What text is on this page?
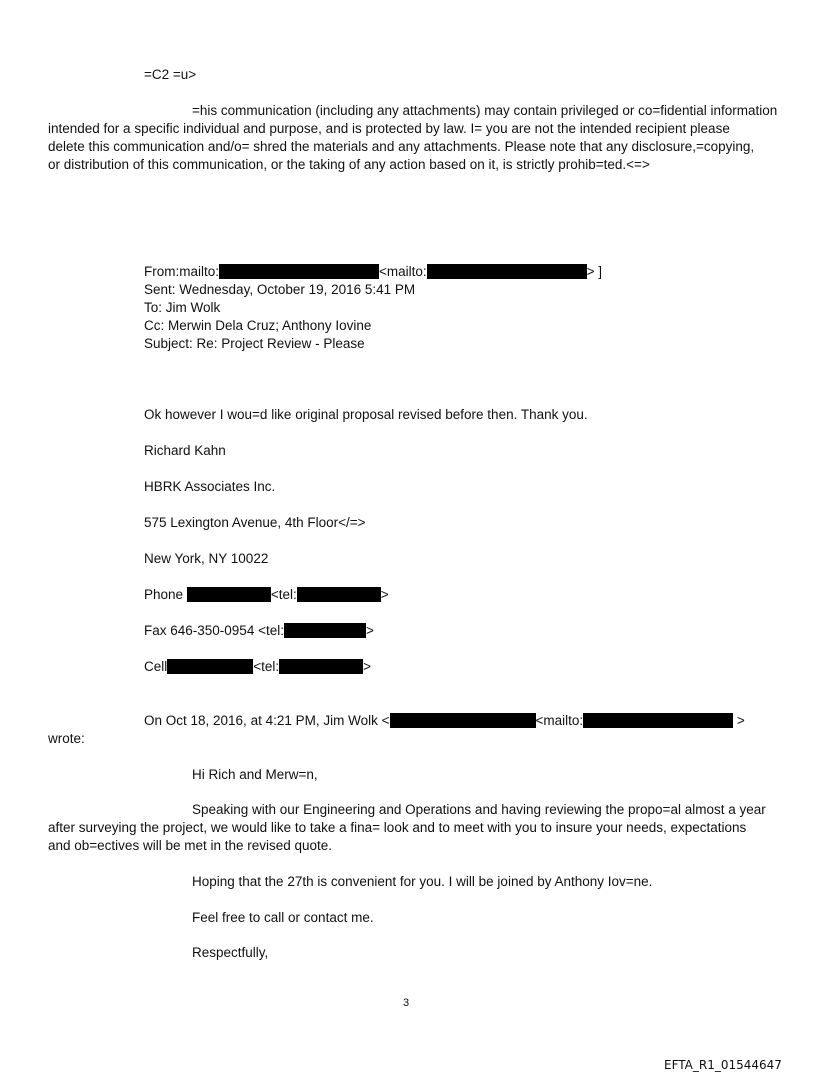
=C2 =u>
=his communication (including any attachments) may contain privileged or co=fidential information
intended for a specific individual and purpose, and is protected by law. I= you are not the intended recipient please
delete this communication and/o= shred the materials and any attachments. Please note that any disclosure,=copying,
or distribution of this communication, or the taking of any action based on it, is strictly prohib=ted.<=>
From:mailto:	<mailto:	> ]
Sent: Wednesday, October 19, 2016 5:41 PM
To: Jim Wolk
Cc: Merwin Dela Cruz; Anthony Iovine
Subject: Re: Project Review - Please
Ok however I wou=d like original proposal revised before then. Thank you.
Richard Kahn
HBRK Associates Inc.
575 Lexington Avenue, 4th Floor</=>
New York, NY 10022
Phone	<tel:	>
Fax 646-350-0954 <tel:	>
Cell	<tel:	>
On Oct 18, 2016, at 4:21 PM, Jim Wolk <	<mailto:	>
wrote:
Hi Rich and Merw=n,
Speaking with our Engineering and Operations and having reviewing the propo=al almost a year
after surveying the project, we would like to take a fina= look and to meet with you to insure your needs, expectations
and ob=ectives will be met in the revised quote.
Hoping that the 27th is convenient for you. I will be joined by Anthony Iov=ne.
Feel free to call or contact me.
Respectfully,
3
EFTA_R1_01544647
